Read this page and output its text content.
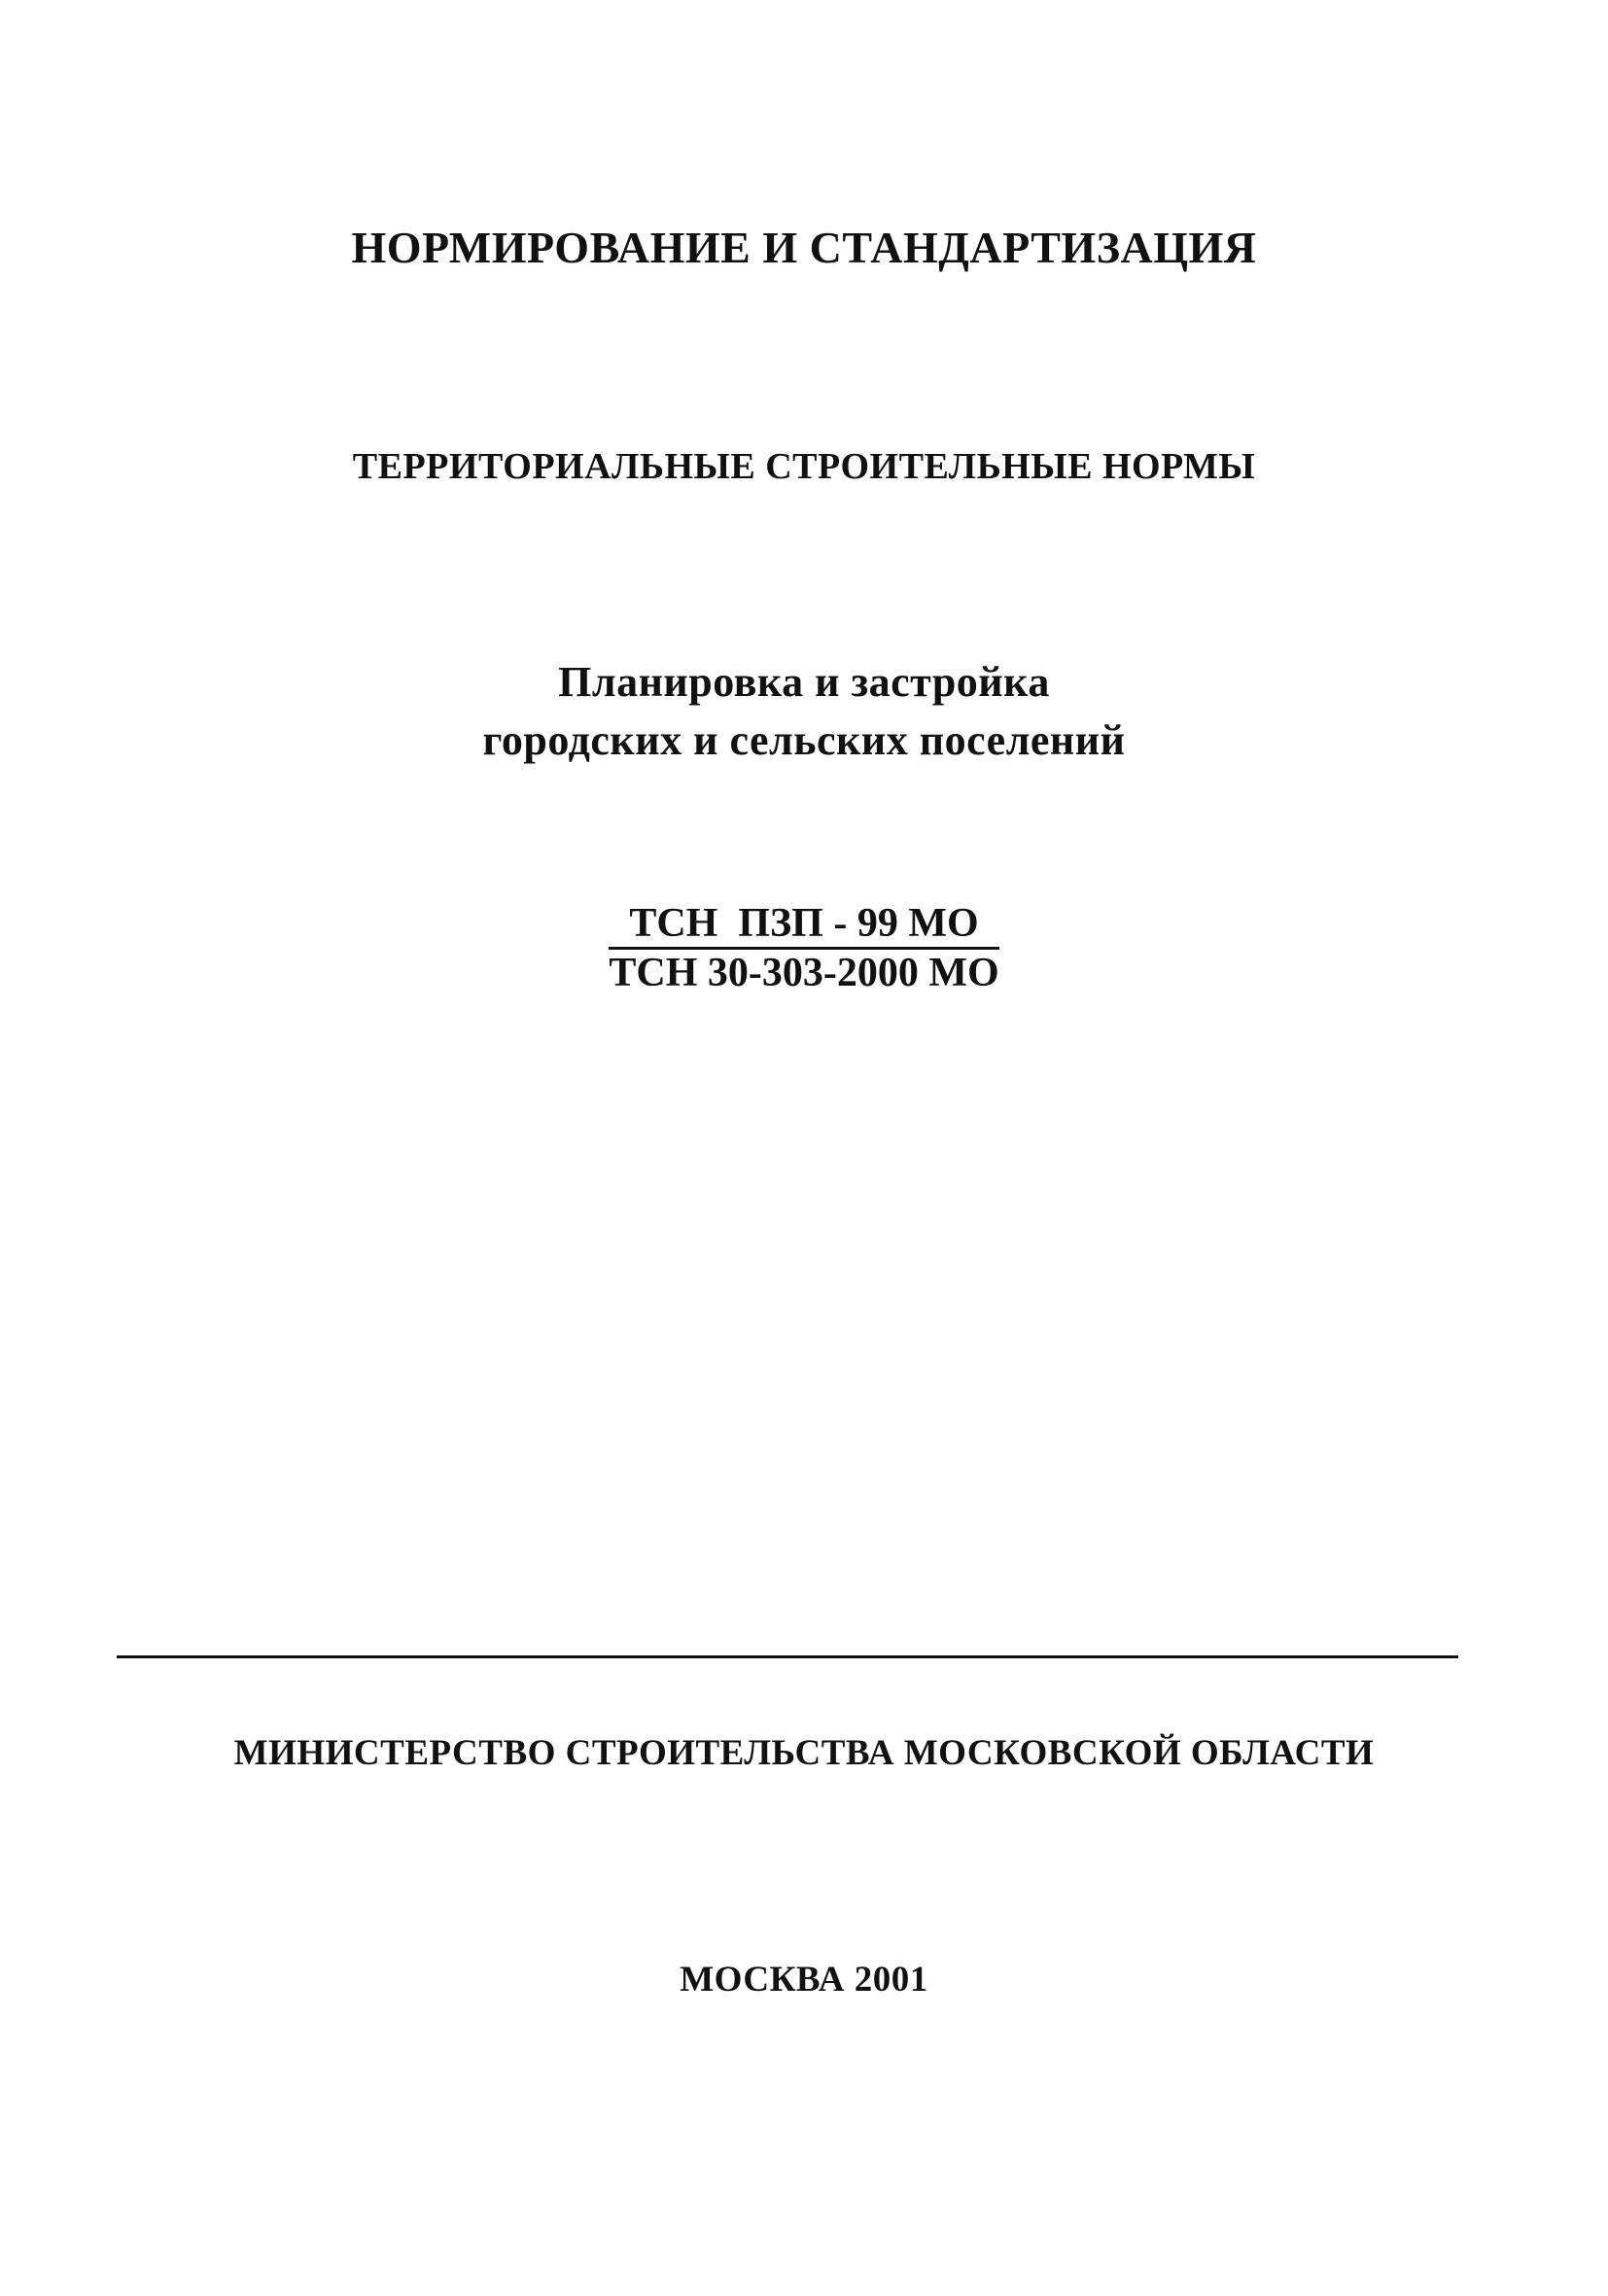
НОРМИРОВАНИЕ И СТАНДАРТИЗАЦИЯ
ТЕРРИТОРИАЛЬНЫЕ СТРОИТЕЛЬНЫЕ НОРМЫ
Планировка и застройка
городских и сельских поселений
ТСН  ПЗП - 99 МО
ТСН 30-303-2000 МО
МИНИСТЕРСТВО СТРОИТЕЛЬСТВА МОСКОВСКОЙ ОБЛАСТИ
МОСКВА 2001
